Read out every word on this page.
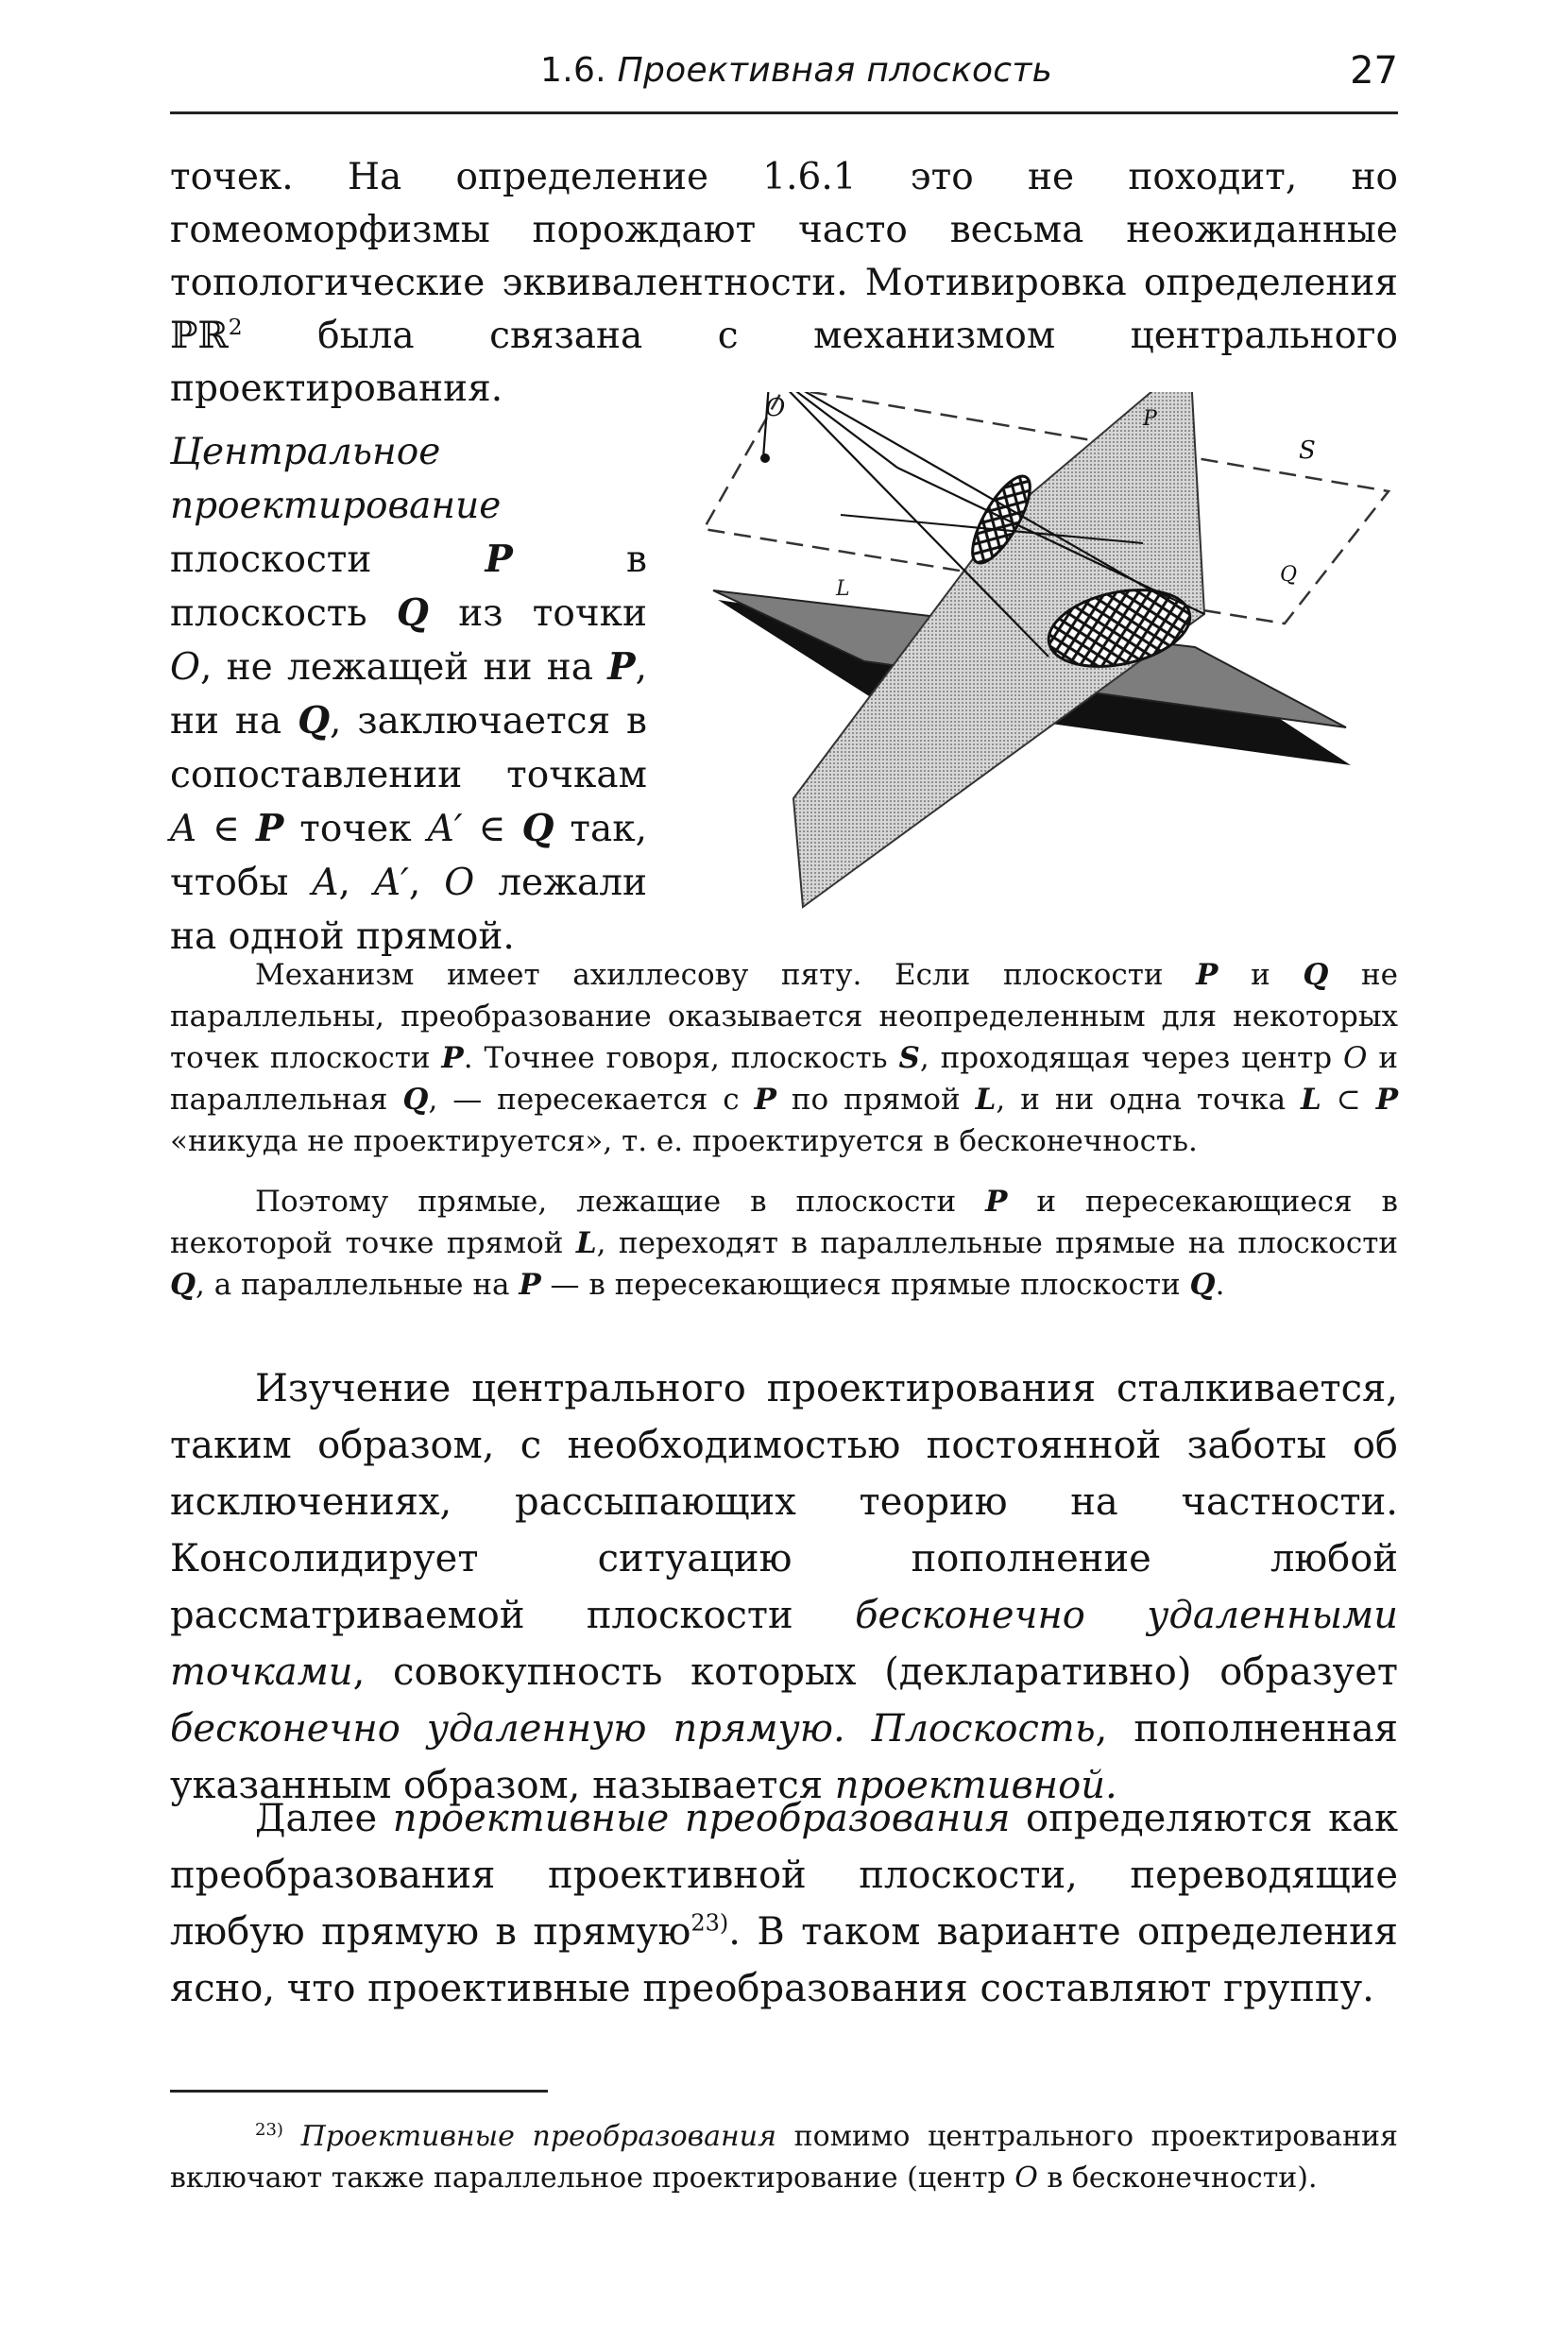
1.6. Проективная плоскость	27

точек. На определение 1.6.1 это не походит, но гомеоморфизмы порождают часто весьма неожиданные топологические эквивалентности. Мотивировка определения ℙℝ$^2$ была связана с механизмом центрального проектирования.

Центральное проектирование плоскости P в плоскость Q из точки O, не лежащей ни на P, ни на Q, заключается в сопоставлении точкам A ∈ P точек A′ ∈ Q так, чтобы A, A′, O лежали на одной прямой.
O	P
S
Q
L

Механизм имеет ахиллесову пяту. Если плоскости P и Q не параллельны, преобразование оказывается неопределенным для некоторых точек плоскости P. Точнее говоря, плоскость S, проходящая через центр O и параллельная Q, — пересекается с P по прямой L, и ни одна точка L ⊂ P «никуда не проектируется», т. е. проектируется в бесконечность.

Поэтому прямые, лежащие в плоскости P и пересекающиеся в некоторой точке прямой L, переходят в параллельные прямые на плоскости Q, а параллельные на P — в пересекающиеся прямые плоскости Q.

Изучение центрального проектирования сталкивается, таким образом, с необходимостью постоянной заботы об исключениях, рассыпающих теорию на частности. Консолидирует ситуацию пополнение любой рассматриваемой плоскости бесконечно удаленными точками, совокупность которых (декларативно) образует бесконечно удаленную прямую. Плоскость, пополненная указанным образом, называется проективной.

Далее проективные преобразования определяются как преобразования проективной плоскости, переводящие любую прямую в прямую$^{23)}$. В таком варианте определения ясно, что проективные преобразования составляют группу.

$^{23)}$ Проективные преобразования помимо центрального проектирования включают также параллельное проектирование (центр O в бесконечности).
